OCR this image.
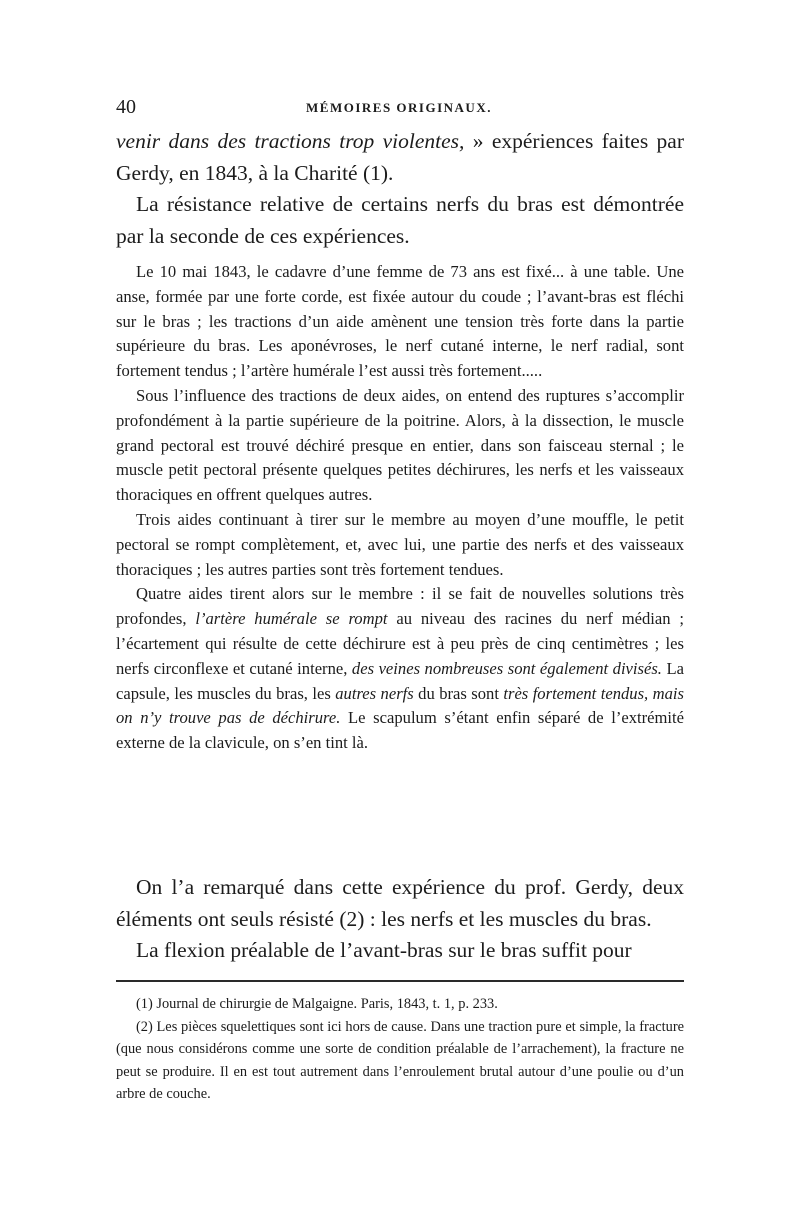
40	MÉMOIRES ORIGINAUX.

venir dans des tractions trop violentes, » expériences faites par Gerdy, en 1843, à la Charité (1).

La résistance relative de certains nerfs du bras est démontrée par la seconde de ces expériences.

Le 10 mai 1843, le cadavre d’une femme de 73 ans est fixé... à une table. Une anse, formée par une forte corde, est fixée autour du coude ; l’avant-bras est fléchi sur le bras ; les tractions d’un aide amènent une tension très forte dans la partie supérieure du bras. Les aponévroses, le nerf cutané interne, le nerf radial, sont fortement tendus ; l’artère humérale l’est aussi très fortement.....

Sous l’influence des tractions de deux aides, on entend des ruptures s’accomplir profondément à la partie supérieure de la poitrine. Alors, à la dissection, le muscle grand pectoral est trouvé déchiré presque en entier, dans son faisceau sternal ; le muscle petit pectoral présente quelques petites déchirures, les nerfs et les vaisseaux thoraciques en offrent quelques autres.

Trois aides continuant à tirer sur le membre au moyen d’une mouffle, le petit pectoral se rompt complètement, et, avec lui, une partie des nerfs et des vaisseaux thoraciques ; les autres parties sont très fortement tendues.

Quatre aides tirent alors sur le membre : il se fait de nouvelles solutions très profondes, l’artère humérale se rompt au niveau des racines du nerf médian ; l’écartement qui résulte de cette déchirure est à peu près de cinq centimètres ; les nerfs circonflexe et cutané interne, des veines nombreuses sont également divisés. La capsule, les muscles du bras, les autres nerfs du bras sont très fortement tendus, mais on n’y trouve pas de déchirure. Le scapulum s’étant enfin séparé de l’extrémité externe de la clavicule, on s’en tint là.

On l’a remarqué dans cette expérience du prof. Gerdy, deux éléments ont seuls résisté (2) : les nerfs et les muscles du bras.

La flexion préalable de l’avant-bras sur le bras suffit pour

(1) Journal de chirurgie de Malgaigne. Paris, 1843, t. 1, p. 233.

(2) Les pièces squelettiques sont ici hors de cause. Dans une traction pure et simple, la fracture (que nous considérons comme une sorte de condition préalable de l’arrachement), la fracture ne peut se produire. Il en est tout autrement dans l’enroulement brutal autour d’une poulie ou d’un arbre de couche.
